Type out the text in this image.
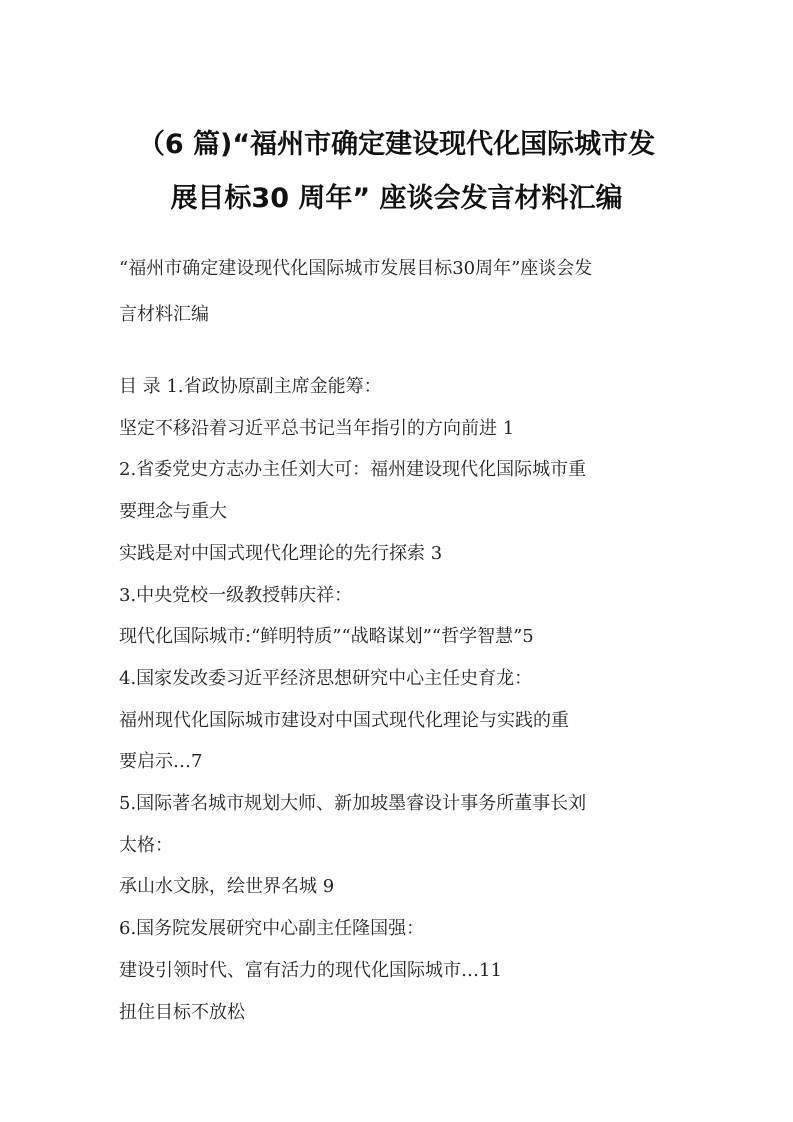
（6 篇)“福州市确定建设现代化国际城市发
展目标30 周年” 座谈会发言材料汇编
“福州市确定建设现代化国际城市发展目标30周年”座谈会发
言材料汇编
目 录 1.省政协原副主席金能筹：
坚定不移沿着习近平总书记当年指引的方向前进 1
2.省委党史方志办主任刘大可：福州建设现代化国际城市重
要理念与重大
实践是对中国式现代化理论的先行探索 3
3.中央党校一级教授韩庆祥：
现代化国际城市:“鲜明特质”“战略谋划”“哲学智慧”5
4.国家发改委习近平经济思想研究中心主任史育龙：
福州现代化国际城市建设对中国式现代化理论与实践的重
要启示…7
5.国际著名城市规划大师、新加坡墨睿设计事务所董事长刘
太格：
承山水文脉，绘世界名城 9
6.国务院发展研究中心副主任隆国强：
建设引领时代、富有活力的现代化国际城市…11
扭住目标不放松
